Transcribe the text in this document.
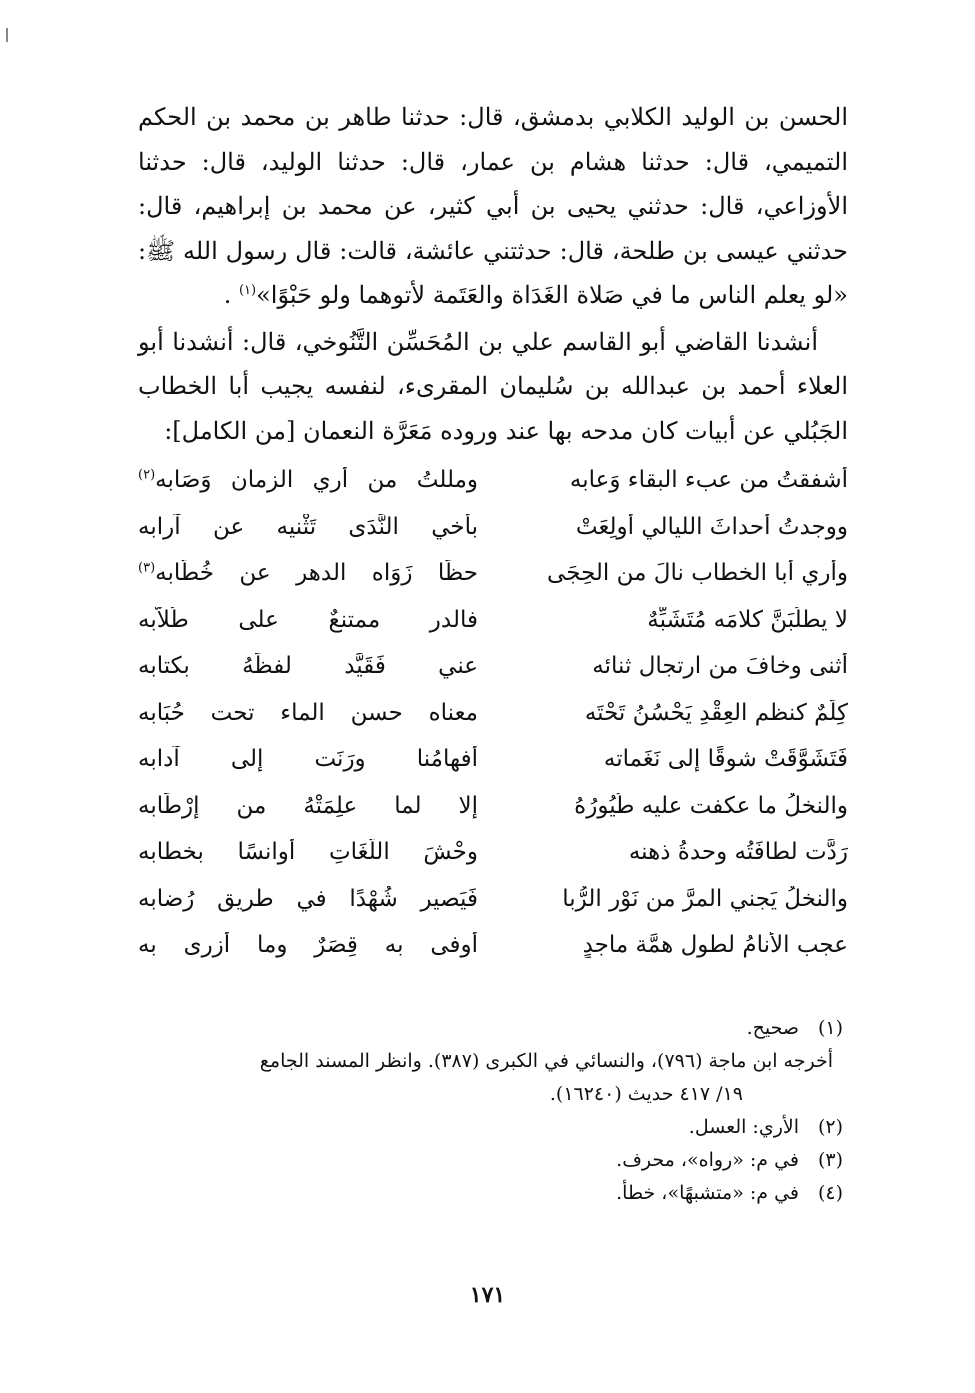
الحسن بن الوليد الكلابي بدمشق، قال: حدثنا طاهر بن محمد بن الحكم التميمي، قال: حدثنا هشام بن عمار، قال: حدثنا الوليد، قال: حدثنا الأوزاعي، قال: حدثني يحيى بن أبي كثير، عن محمد بن إبراهيم، قال: حدثني عيسى بن طلحة، قال: حدثتني عائشة، قالت: قال رسول الله ﷺ: «لو يعلم الناس ما في صَلاة الغَدَاة والعَتَمة لأتوهما ولو حَبْوًا»$^{(١)}$ .

أنشدنا القاضي أبو القاسم علي بن المُحَسِّن التَّنُوخي، قال: أنشدنا أبو العلاء أحمد بن عبدالله بن سُليمان المقرىء، لنفسه يجيب أبا الخطاب الجَبُلي عن أبيات كان مدحه بها عند وروده مَعَرَّة النعمان [من الكامل]:

أشفقتُ من عبء البقاء وَعابه
ومللتُ من أري الزمان وَصَابه$^{(٢)}$
ووجدتُ أحداثَ الليالي أُولِعَتْ
بأخي النَّدَى تَثْنيه عن آرابه
وأري أبا الخطاب نالَ من الحِجَى
حظًا زَوَاه الدهر عن خُطَّابه$^{(٣)}$
لا يطلُبَنَّ كلامَه مُتَشَبِّهٌ
فالدر ممتنعٌ على طُلاَّبه
أثنى وخافَ من ارتجال ثنائه
عني فَقَيَّد لفظَهُ بكتابه
كِلَمٌ كنظم العِقْدِ يَحْسُنُ تَحْتَه
معناه حسن الماء تحت حُبَابه
فَتَشَوَّقَتْ شوقًا إلى نَغَماته
أفهامُنا ورَنَت إلى آدابه
والنخلُ ما عكفت عليه طُيُورُهُ
إلا لما علِمَتْهُ من إرْطَابه
رَدَّت لطافَتُه وحدةُ ذهنه
وحْشَ اللُّغَاتِ أوانسًا بخطابه
والنخلُ يَجني المرَّ من نَوْرِ الرُّبا
فَيَصير شُهْدًا في طريقِ رُضابه
عجب الأنامُ لطول همَّة ماجدٍ
أوفى به قِصَرٌ وما أزرى به

(١)صحيح.

أخرجه ابن ماجة (٧٩٦)، والنسائي في الكبرى (٣٨٧). وانظر المسند الجامع

١٩/ ٤١٧ حديث (١٦٢٤٠).

(٢)الأري: العسل.

(٣)في م: «رواه»، محرف.

(٤)في م: «متشبهًا»، خطأ.

١٧١
